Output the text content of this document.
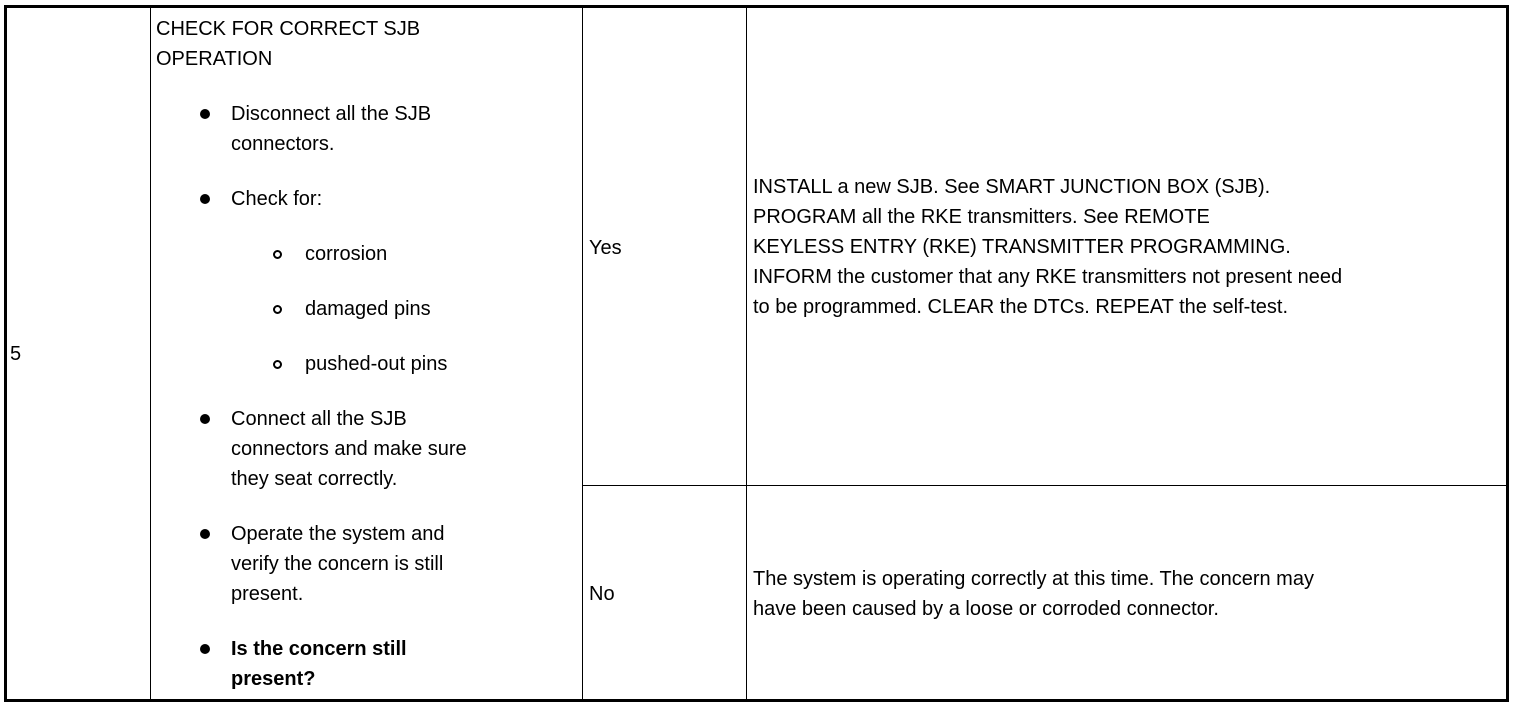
5
CHECK FOR CORRECT SJB
OPERATION
Disconnect all the SJB
connectors.
Check for:
corrosion
damaged pins
pushed-out pins
Connect all the SJB
connectors and make sure
they seat correctly.
Operate the system and
verify the concern is still
present.
Is the concern still
present?
Yes
INSTALL a new SJB. See SMART JUNCTION BOX (SJB).
PROGRAM all the RKE transmitters. See REMOTE
KEYLESS ENTRY (RKE) TRANSMITTER PROGRAMMING.
INFORM the customer that any RKE transmitters not present need
to be programmed. CLEAR the DTCs. REPEAT the self-test.
No
The system is operating correctly at this time. The concern may
have been caused by a loose or corroded connector.
